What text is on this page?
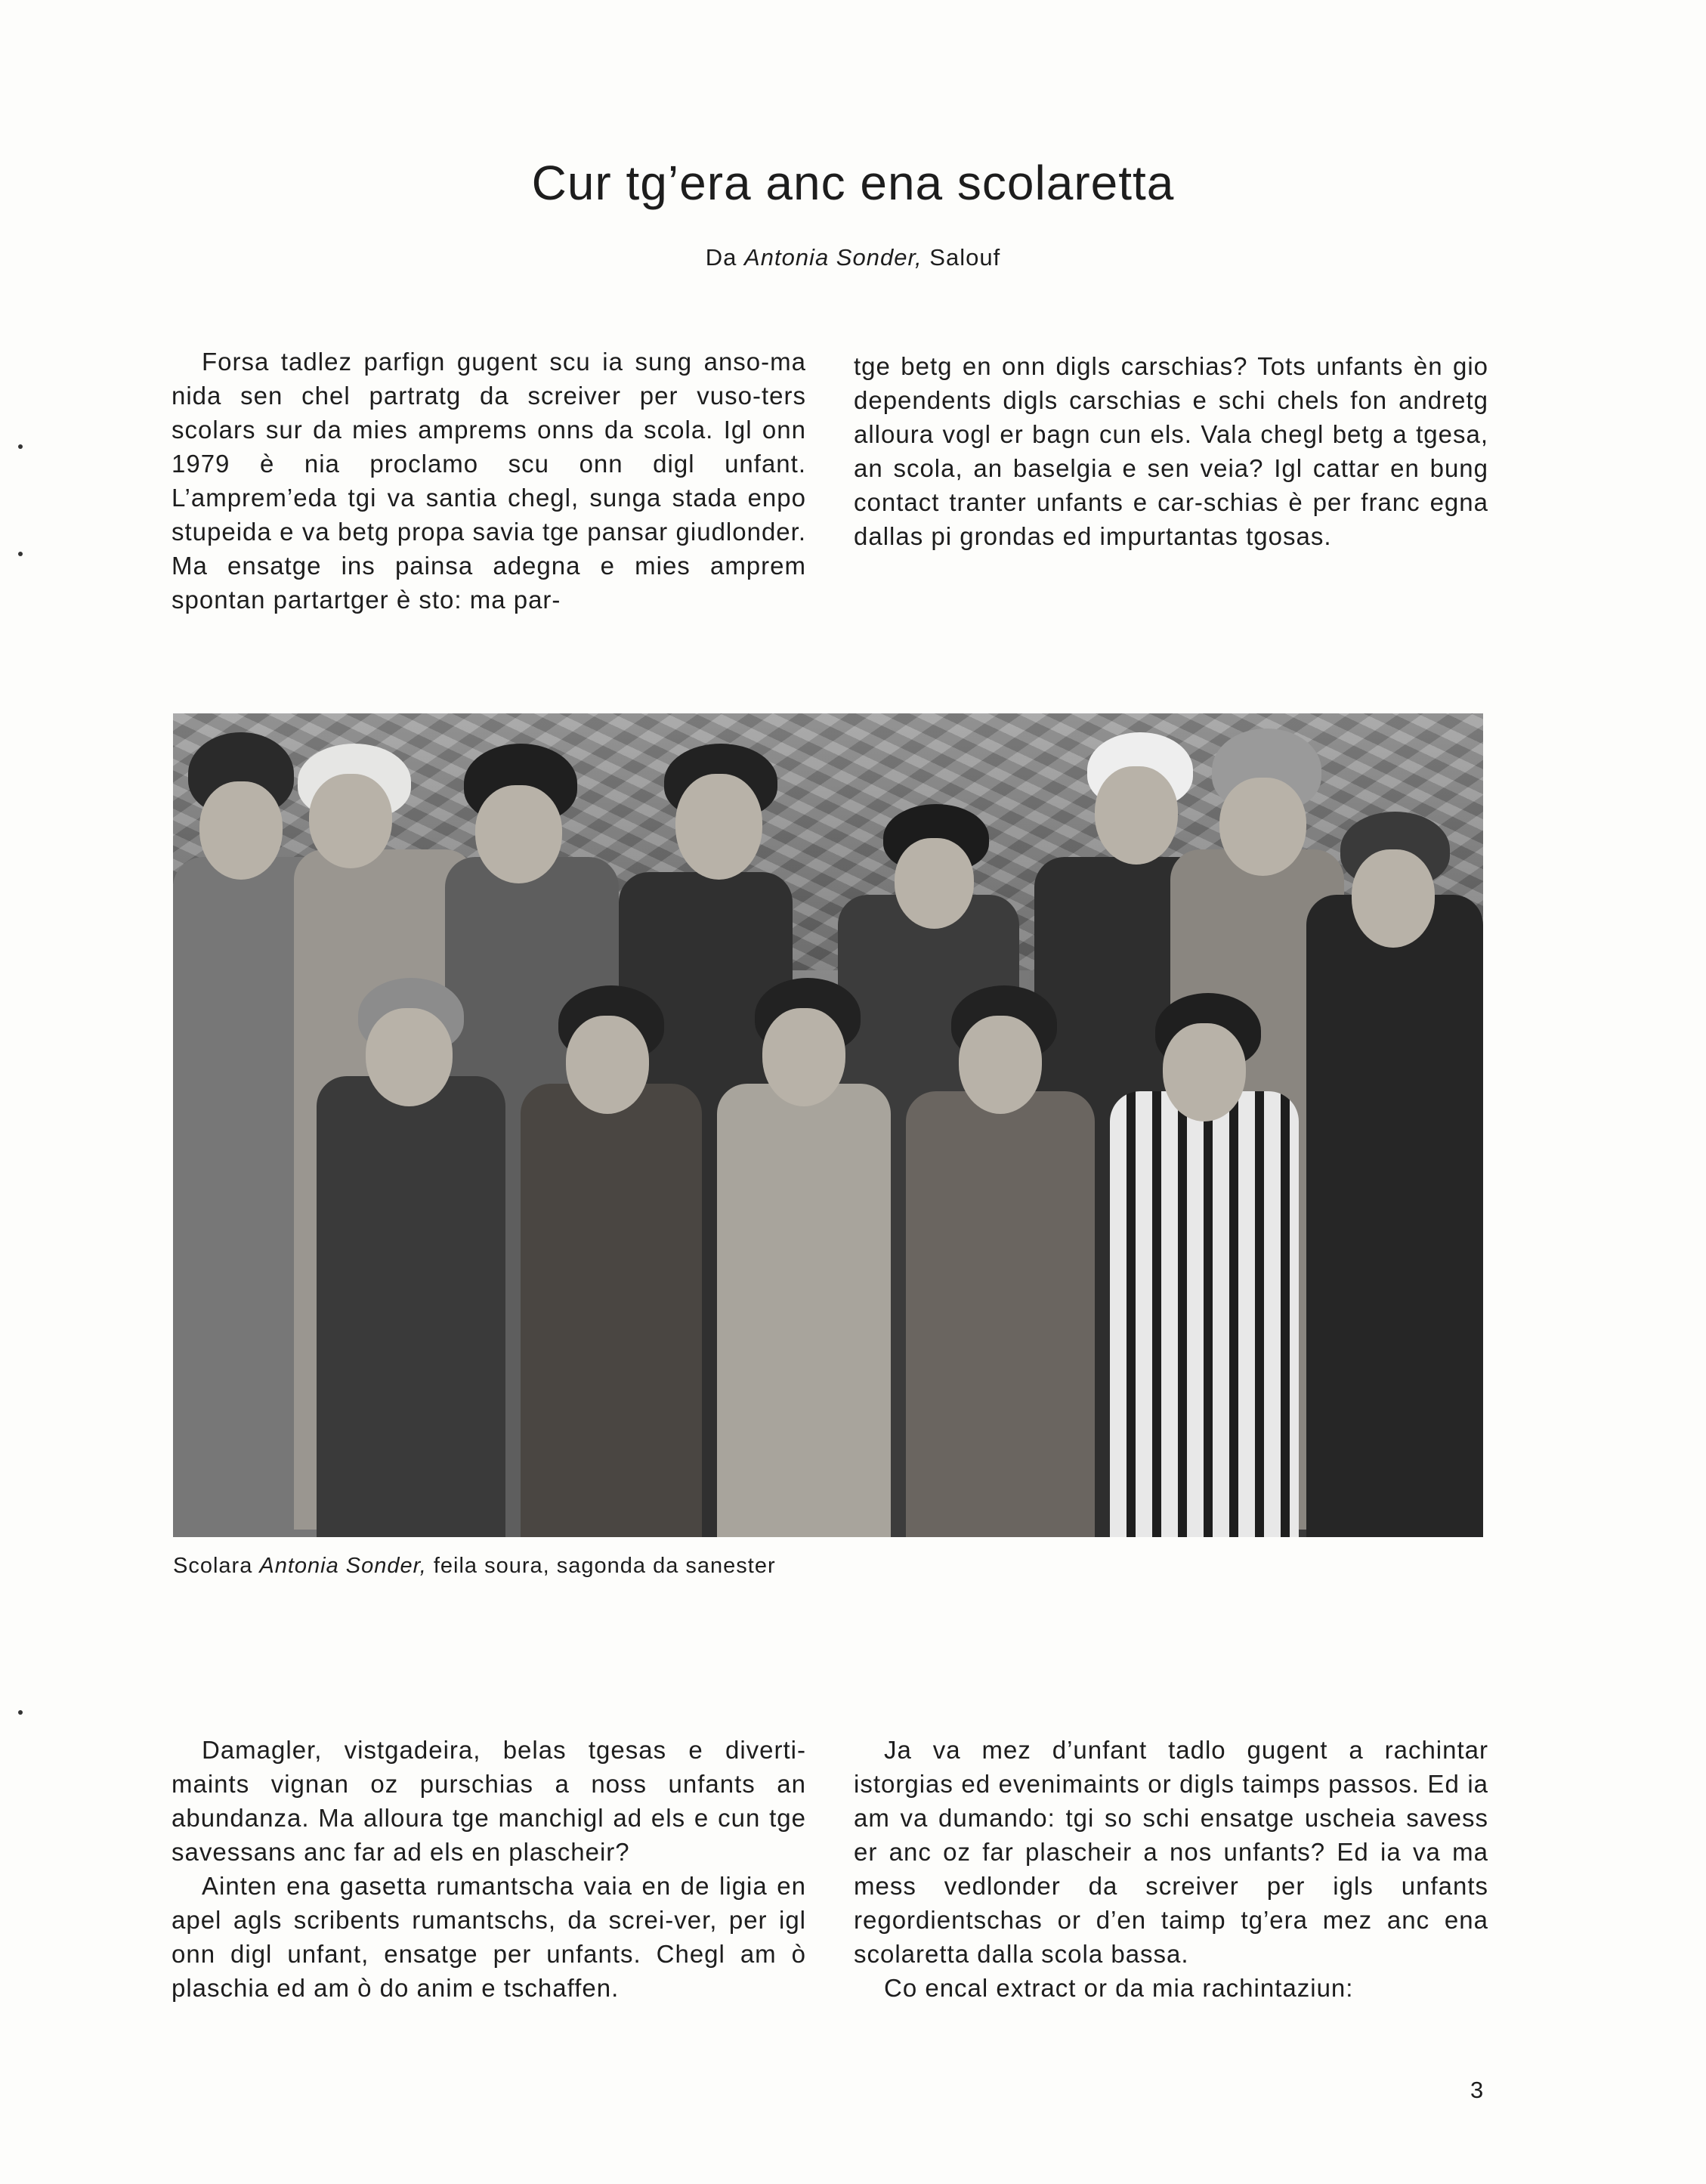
Cur tg’era anc ena scolaretta
Da Antonia Sonder, Salouf

Forsa tadlez parfign gugent scu ia sung anso-ma nida sen chel partratg da screiver per vuso-ters scolars sur da mies amprems onns da scola. Igl onn 1979 è nia proclamo scu onn digl unfant. L’amprem’eda tgi va santia chegl, sunga stada enpo stupeida e va betg propa savia tge pansar giudlonder. Ma ensatge ins painsa adegna e mies amprem spontan partartger è sto: ma par-

tge betg en onn digls carschias? Tots unfants èn gio dependents digls carschias e schi chels fon andretg alloura vogl er bagn cun els. Vala chegl betg a tgesa, an scola, an baselgia e sen veia? Igl cattar en bung contact tranter unfants e car-schias è per franc egna dallas pi grondas ed impurtantas tgosas.

Scolara Antonia Sonder, feila soura, sagonda da sanester

Damagler, vistgadeira, belas tgesas e diverti-maints vignan oz purschias a noss unfants an abundanza. Ma alloura tge manchigl ad els e cun tge savessans anc far ad els en plascheir?

Ainten ena gasetta rumantscha vaia en de ligia en apel agls scribents rumantschs, da screi-ver, per igl onn digl unfant, ensatge per unfants. Chegl am ò plaschia ed am ò do anim e tschaffen.

Ja va mez d’unfant tadlo gugent a rachintar istorgias ed evenimaints or digls taimps passos. Ed ia am va dumando: tgi so schi ensatge uscheia savess er anc oz far plascheir a nos unfants? Ed ia va ma mess vedlonder da screiver per igls unfants regordientschas or d’en taimp tg’era mez anc ena scolaretta dalla scola bassa.

Co encal extract or da mia rachintaziun:

3
